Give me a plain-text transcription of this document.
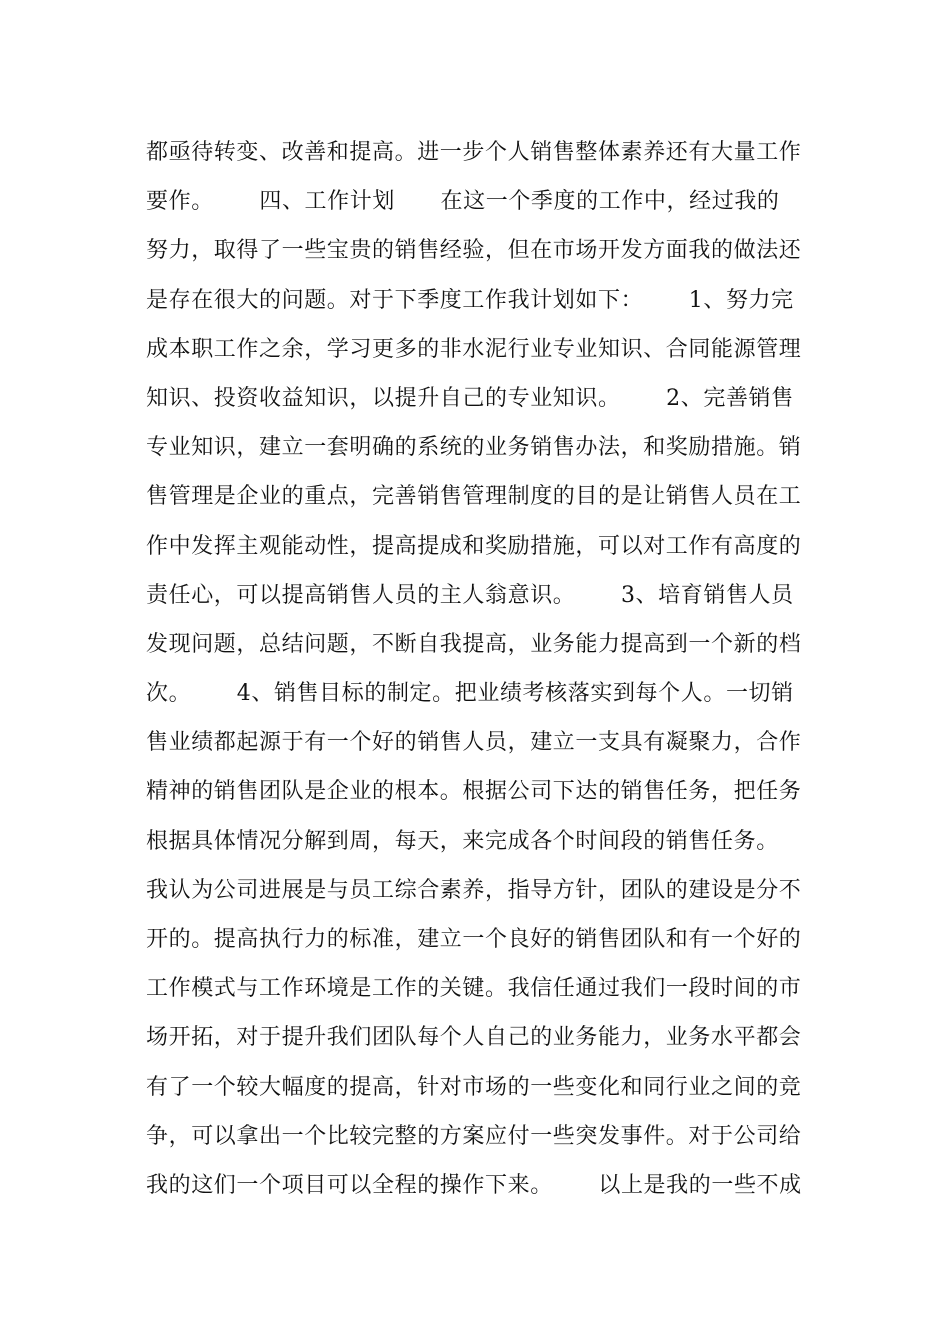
都亟待转变、改善和提高。进一步个人销售整体素养还有大量工作
要作。      四、工作计划      在这一个季度的工作中，经过我的
努力，取得了一些宝贵的销售经验，但在市场开发方面我的做法还
是存在很大的问题。对于下季度工作我计划如下：      1、努力完
成本职工作之余，学习更多的非水泥行业专业知识、合同能源管理
知识、投资收益知识，以提升自己的专业知识。      2、完善销售
专业知识，建立一套明确的系统的业务销售办法，和奖励措施。销
售管理是企业的重点，完善销售管理制度的目的是让销售人员在工
作中发挥主观能动性，提高提成和奖励措施，可以对工作有高度的
责任心，可以提高销售人员的主人翁意识。      3、培育销售人员
发现问题，总结问题，不断自我提高，业务能力提高到一个新的档
次。      4、销售目标的制定。把业绩考核落实到每个人。一切销
售业绩都起源于有一个好的销售人员，建立一支具有凝聚力，合作
精神的销售团队是企业的根本。根据公司下达的销售任务，把任务
根据具体情况分解到周，每天，来完成各个时间段的销售任务。
我认为公司进展是与员工综合素养，指导方针，团队的建设是分不
开的。提高执行力的标准，建立一个良好的销售团队和有一个好的
工作模式与工作环境是工作的关键。我信任通过我们一段时间的市
场开拓，对于提升我们团队每个人自己的业务能力，业务水平都会
有了一个较大幅度的提高，针对市场的一些变化和同行业之间的竞
争，可以拿出一个比较完整的方案应付一些突发事件。对于公司给
我的这们一个项目可以全程的操作下来。      以上是我的一些不成
